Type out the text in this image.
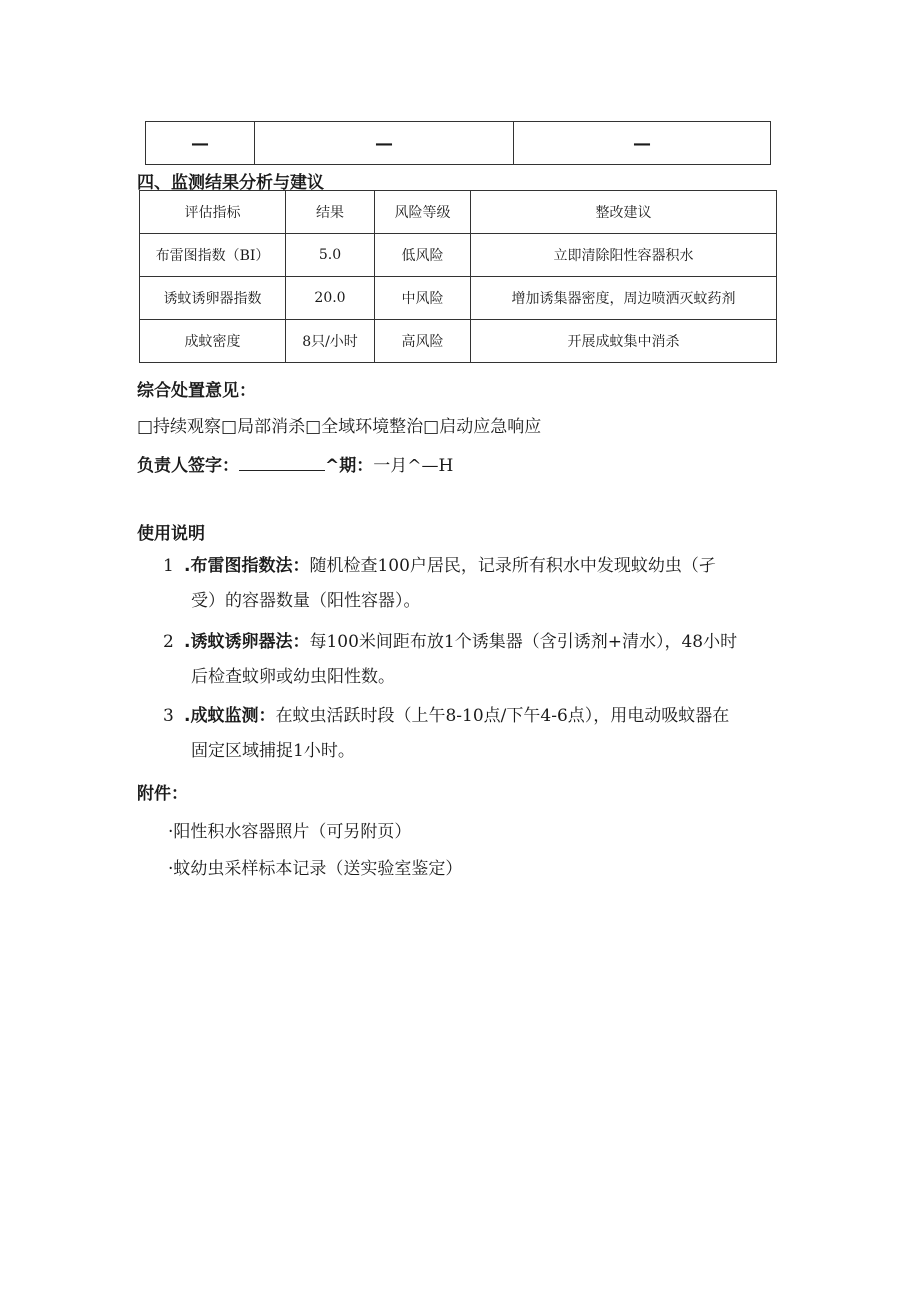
—	—	—
四、监测结果分析与建议
评估指标	结果	风险等级	整改建议
布雷图指数（BI）	5.0	低风险	立即清除阳性容器积水
诱蚊诱卵器指数	20.0	中风险	增加诱集器密度，周边喷洒灭蚊药剂
成蚊密度	8只/小时	高风险	开展成蚊集中消杀
综合处置意见：
□持续观察□局部消杀□全域环境整治□启动应急响应
负责人签字：	^期：一月^—H
使用说明
1 .布雷图指数法：随机检查100户居民，记录所有积水中发现蚊幼虫（孑
受）的容器数量（阳性容器）。
2 .诱蚊诱卵器法：每100米间距布放1个诱集器（含引诱剂+清水），48小时
后检查蚊卵或幼虫阳性数。
3 .成蚊监测：在蚊虫活跃时段（上午8-10点/下午4-6点），用电动吸蚊器在
固定区域捕捉1小时。
附件：
·阳性积水容器照片（可另附页）
·蚊幼虫采样标本记录（送实验室鉴定）
